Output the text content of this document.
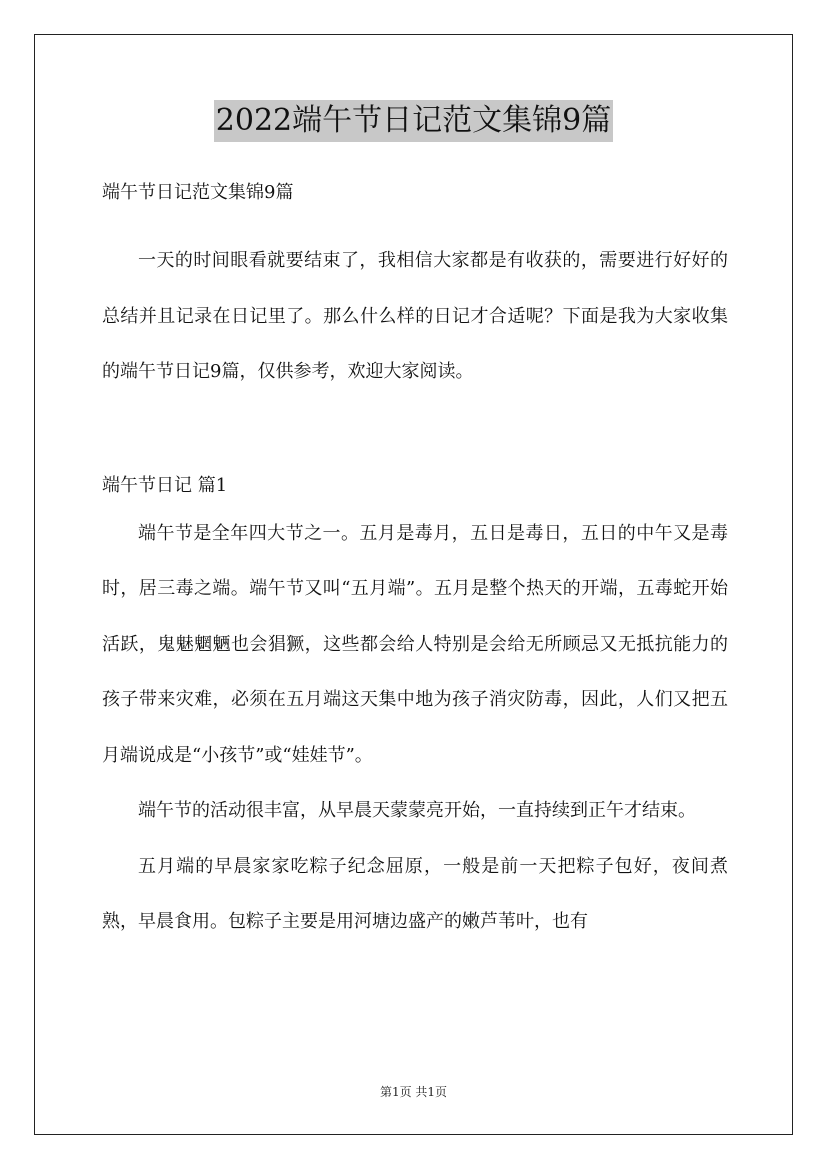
2022端午节日记范文集锦9篇

端午节日记范文集锦9篇

一天的时间眼看就要结束了，我相信大家都是有收获的，需要进行好好的总结并且记录在日记里了。那么什么样的日记才合适呢？下面是我为大家收集的端午节日记9篇，仅供参考，欢迎大家阅读。

端午节日记 篇1

端午节是全年四大节之一。五月是毒月，五日是毒日，五日的中午又是毒时，居三毒之端。端午节又叫“五月端”。五月是整个热天的开端，五毒蛇开始活跃，鬼魅魍魉也会猖獗，这些都会给人特别是会给无所顾忌又无抵抗能力的孩子带来灾难，必须在五月端这天集中地为孩子消灾防毒，因此，人们又把五月端说成是“小孩节”或“娃娃节”。

端午节的活动很丰富，从早晨天蒙蒙亮开始，一直持续到正午才结束。

五月端的早晨家家吃粽子纪念屈原，一般是前一天把粽子包好，夜间煮熟，早晨食用。包粽子主要是用河塘边盛产的嫩芦苇叶，也有

第1页 共1页
